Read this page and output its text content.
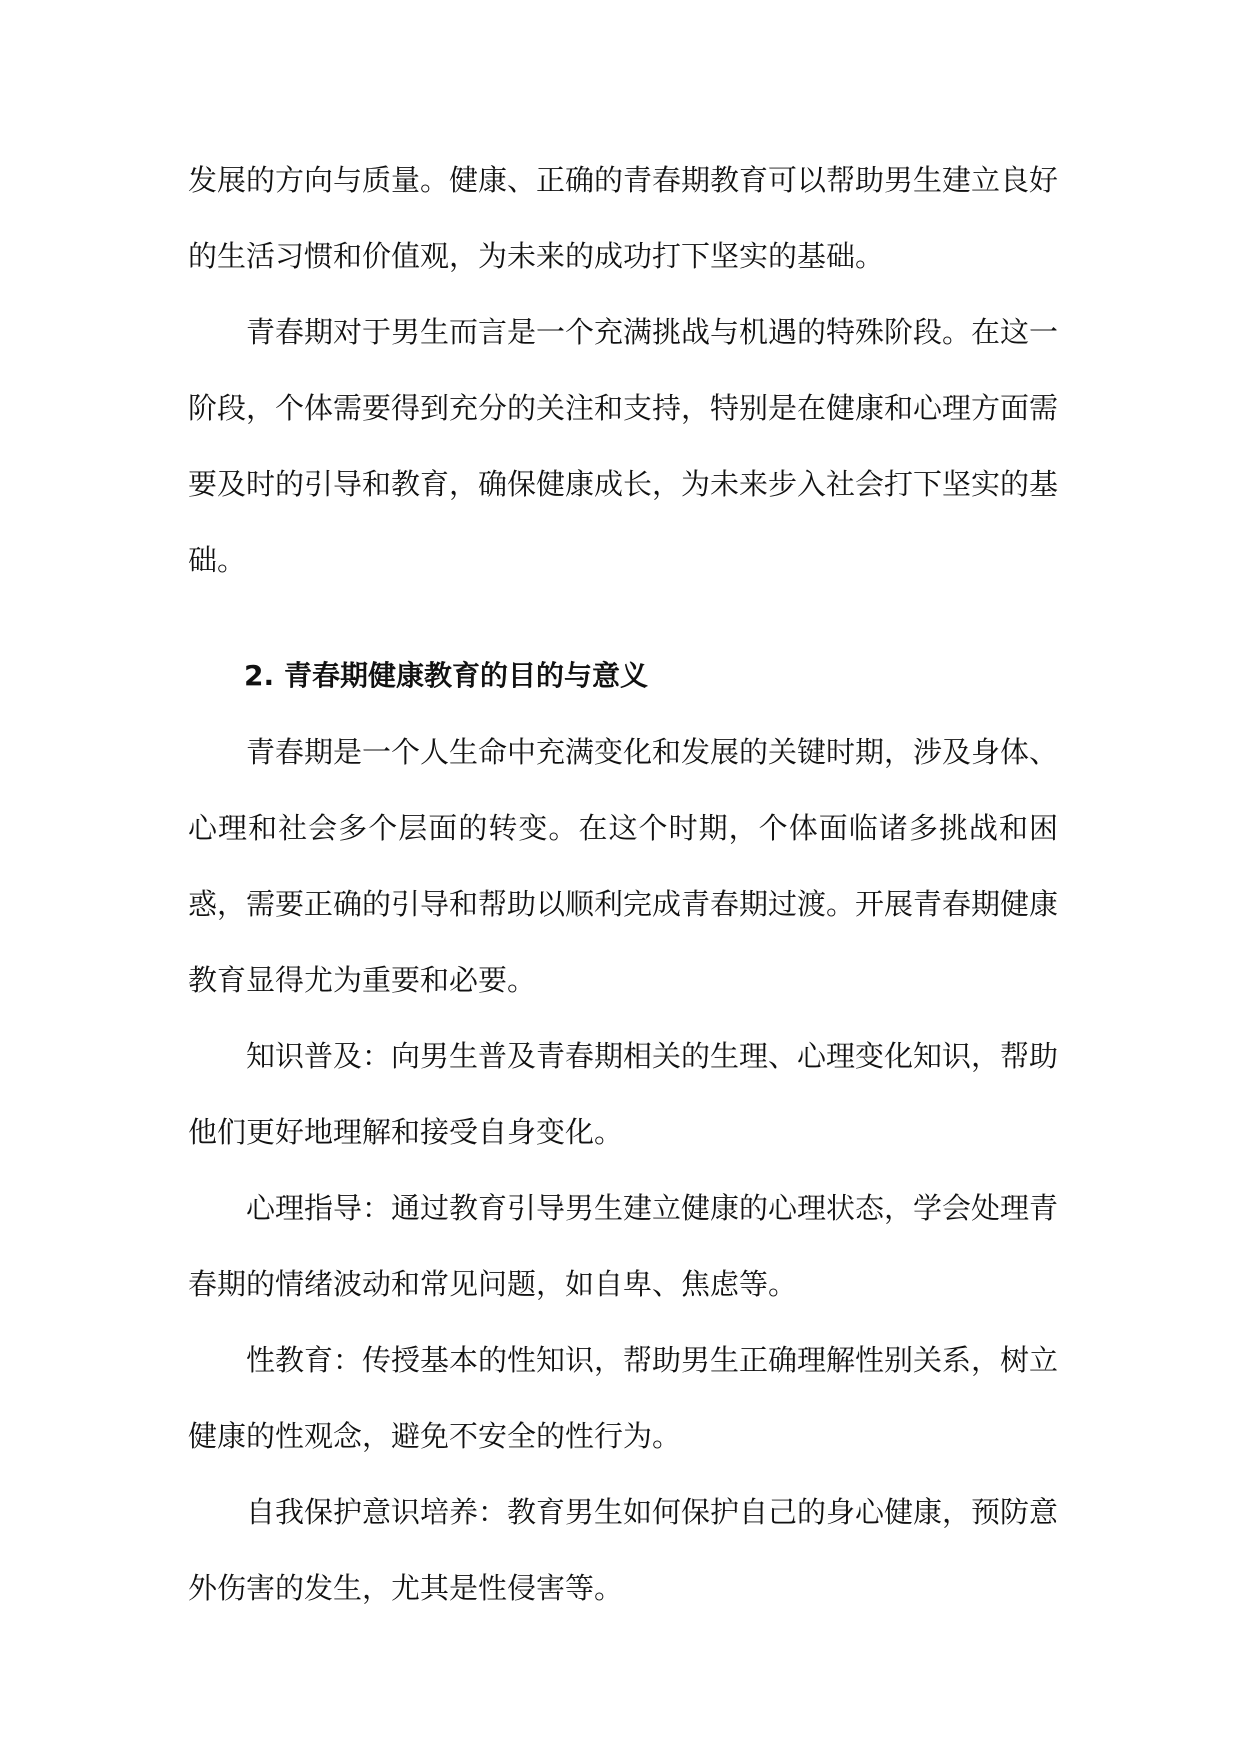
发展的方向与质量。健康、正确的青春期教育可以帮助男生建立良好的生活习惯和价值观，为未来的成功打下坚实的基础。

青春期对于男生而言是一个充满挑战与机遇的特殊阶段。在这一阶段，个体需要得到充分的关注和支持，特别是在健康和心理方面需要及时的引导和教育，确保健康成长，为未来步入社会打下坚实的基础。

2. 青春期健康教育的目的与意义

青春期是一个人生命中充满变化和发展的关键时期，涉及身体、心理和社会多个层面的转变。在这个时期，个体面临诸多挑战和困惑，需要正确的引导和帮助以顺利完成青春期过渡。开展青春期健康教育显得尤为重要和必要。

知识普及：向男生普及青春期相关的生理、心理变化知识，帮助他们更好地理解和接受自身变化。

心理指导：通过教育引导男生建立健康的心理状态，学会处理青春期的情绪波动和常见问题，如自卑、焦虑等。

性教育：传授基本的性知识，帮助男生正确理解性别关系，树立健康的性观念，避免不安全的性行为。

自我保护意识培养：教育男生如何保护自己的身心健康，预防意外伤害的发生，尤其是性侵害等。
